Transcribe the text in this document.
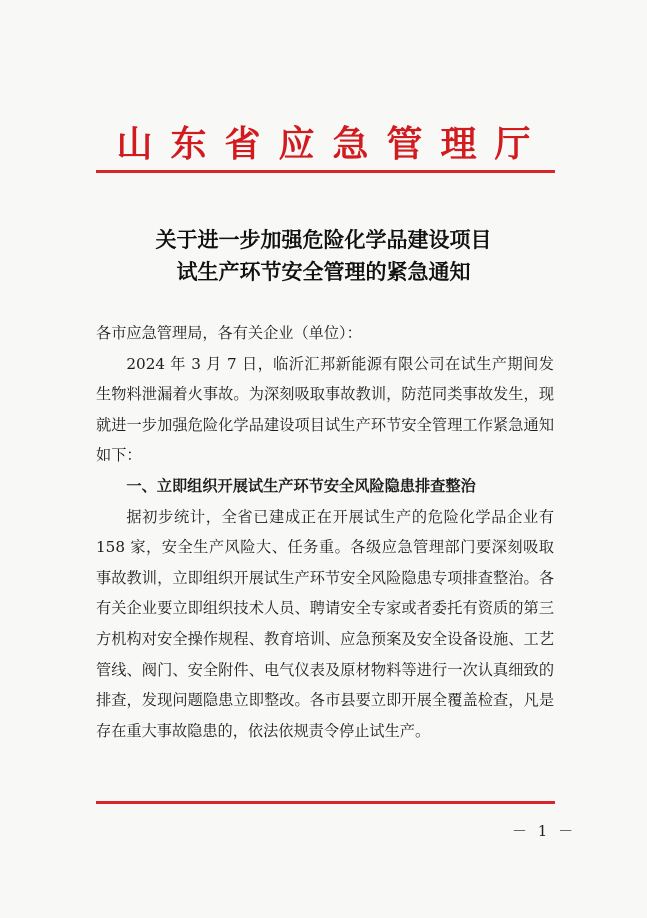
山东省应急管理厅
关于进一步加强危险化学品建设项目
试生产环节安全管理的紧急通知

各市应急管理局，各有关企业（单位）：

2024 年 3 月 7 日，临沂汇邦新能源有限公司在试生产期间发生物料泄漏着火事故。为深刻吸取事故教训，防范同类事故发生，现就进一步加强危险化学品建设项目试生产环节安全管理工作紧急通知如下：

一、立即组织开展试生产环节安全风险隐患排查整治

据初步统计，全省已建成正在开展试生产的危险化学品企业有 158 家，安全生产风险大、任务重。各级应急管理部门要深刻吸取事故教训，立即组织开展试生产环节安全风险隐患专项排查整治。各有关企业要立即组织技术人员、聘请安全专家或者委托有资质的第三方机构对安全操作规程、教育培训、应急预案及安全设备设施、工艺管线、阀门、安全附件、电气仪表及原材物料等进行一次认真细致的排查，发现问题隐患立即整改。各市县要立即开展全覆盖检查，凡是存在重大事故隐患的，依法依规责令停止试生产。

－ 1 －
